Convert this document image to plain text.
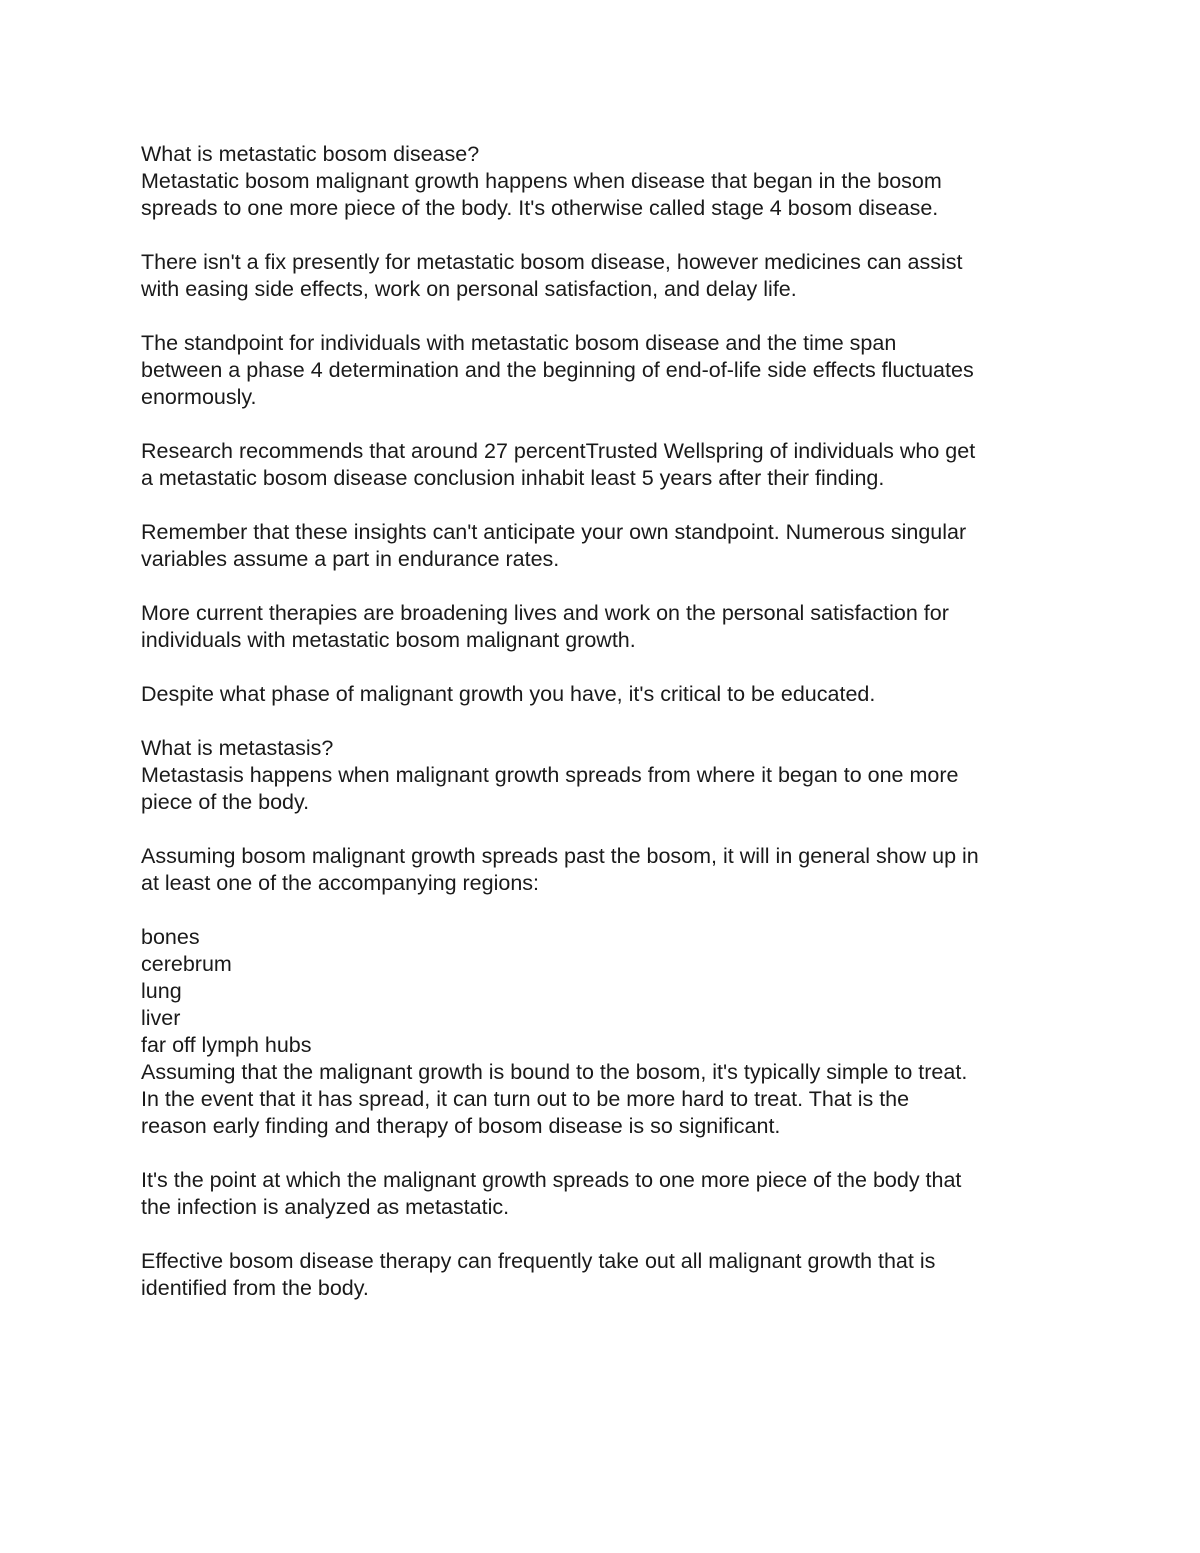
What is metastatic bosom disease?
Metastatic bosom malignant growth happens when disease that began in the bosom
spreads to one more piece of the body. It's otherwise called stage 4 bosom disease.
There isn't a fix presently for metastatic bosom disease, however medicines can assist
with easing side effects, work on personal satisfaction, and delay life.
The standpoint for individuals with metastatic bosom disease and the time span
between a phase 4 determination and the beginning of end-of-life side effects fluctuates
enormously.
Research recommends that around 27 percentTrusted Wellspring of individuals who get
a metastatic bosom disease conclusion inhabit least 5 years after their finding.
Remember that these insights can't anticipate your own standpoint. Numerous singular
variables assume a part in endurance rates.
More current therapies are broadening lives and work on the personal satisfaction for
individuals with metastatic bosom malignant growth.
Despite what phase of malignant growth you have, it's critical to be educated.
What is metastasis?
Metastasis happens when malignant growth spreads from where it began to one more
piece of the body.
Assuming bosom malignant growth spreads past the bosom, it will in general show up in
at least one of the accompanying regions:
bones
cerebrum
lung
liver
far off lymph hubs
Assuming that the malignant growth is bound to the bosom, it's typically simple to treat.
In the event that it has spread, it can turn out to be more hard to treat. That is the
reason early finding and therapy of bosom disease is so significant.
It's the point at which the malignant growth spreads to one more piece of the body that
the infection is analyzed as metastatic.
Effective bosom disease therapy can frequently take out all malignant growth that is
identified from the body.
